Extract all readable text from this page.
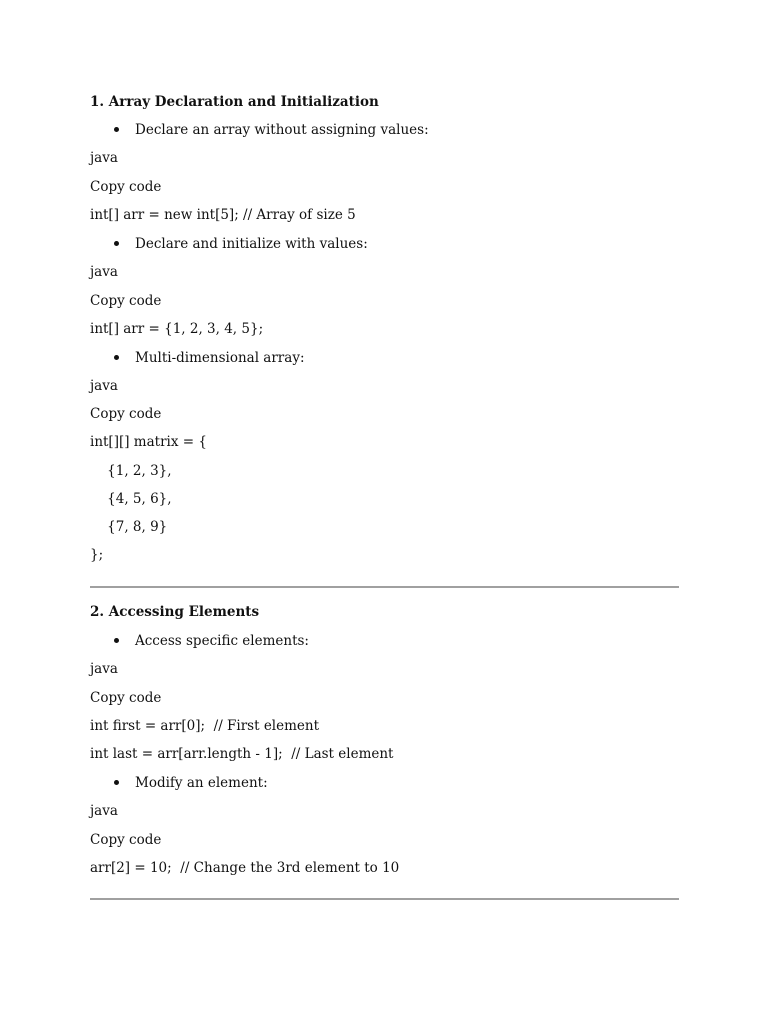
1. Array Declaration and Initialization
Declare an array without assigning values:
java
Copy code
int[] arr = new int[5]; // Array of size 5
Declare and initialize with values:
java
Copy code
int[] arr = {1, 2, 3, 4, 5};
Multi-dimensional array:
java
Copy code
int[][] matrix = {
{1, 2, 3},
{4, 5, 6},
{7, 8, 9}
};
2. Accessing Elements
Access specific elements:
java
Copy code
int first = arr[0];  // First element
int last = arr[arr.length - 1];  // Last element
Modify an element:
java
Copy code
arr[2] = 10;  // Change the 3rd element to 10
